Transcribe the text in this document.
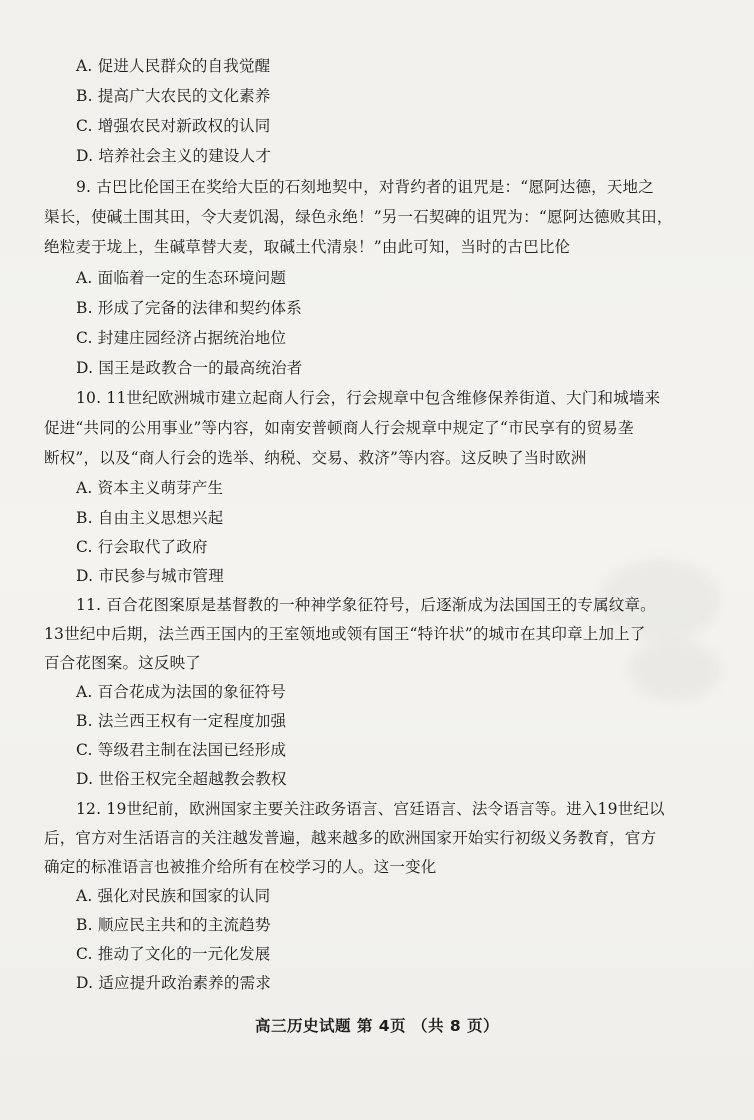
A. 促进人民群众的自我觉醒
B. 提高广大农民的文化素养
C. 增强农民对新政权的认同
D. 培养社会主义的建设人才
9. 古巴比伦国王在奖给大臣的石刻地契中，对背约者的诅咒是：“愿阿达德，天地之
渠长，使碱土围其田，令大麦饥渴，绿色永绝！”另一石契碑的诅咒为：“愿阿达德败其田，
绝粒麦于垅上，生碱草替大麦，取碱土代清泉！”由此可知，当时的古巴比伦
A. 面临着一定的生态环境问题
B. 形成了完备的法律和契约体系
C. 封建庄园经济占据统治地位
D. 国王是政教合一的最高统治者
10. 11世纪欧洲城市建立起商人行会，行会规章中包含维修保养街道、大门和城墙来
促进“共同的公用事业”等内容，如南安普顿商人行会规章中规定了“市民享有的贸易垄
断权”，以及“商人行会的选举、纳税、交易、救济”等内容。这反映了当时欧洲
A. 资本主义萌芽产生
B. 自由主义思想兴起
C. 行会取代了政府
D. 市民参与城市管理
11. 百合花图案原是基督教的一种神学象征符号，后逐渐成为法国国王的专属纹章。
13世纪中后期，法兰西王国内的王室领地或领有国王“特许状”的城市在其印章上加上了
百合花图案。这反映了
A. 百合花成为法国的象征符号
B. 法兰西王权有一定程度加强
C. 等级君主制在法国已经形成
D. 世俗王权完全超越教会教权
12. 19世纪前，欧洲国家主要关注政务语言、宫廷语言、法令语言等。进入19世纪以
后，官方对生活语言的关注越发普遍，越来越多的欧洲国家开始实行初级义务教育，官方
确定的标准语言也被推介给所有在校学习的人。这一变化
A. 强化对民族和国家的认同
B. 顺应民主共和的主流趋势
C. 推动了文化的一元化发展
D. 适应提升政治素养的需求
高三历史试题 第 4页 （共 8 页）
